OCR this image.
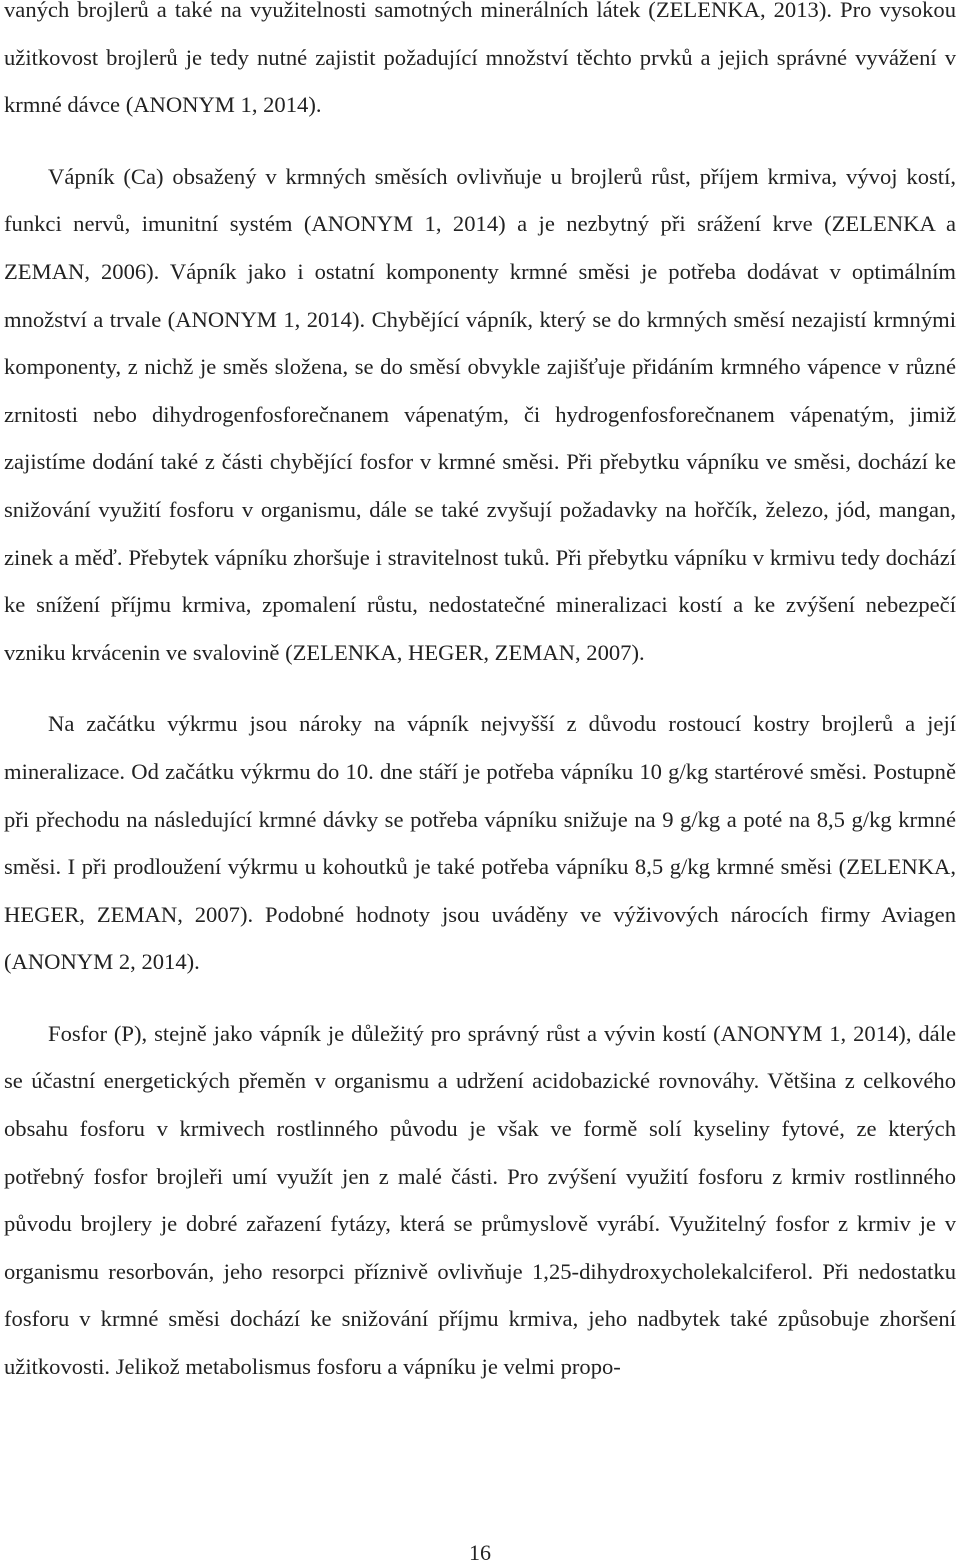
vaných brojlerů a také na využitelnosti samotných minerálních látek (ZELENKA, 2013). Pro vysokou užitkovost brojlerů je tedy nutné zajistit požadující množství těchto prvků a jejich správné vyvážení v krmné dávce (ANONYM 1, 2014).

Vápník (Ca) obsažený v krmných směsích ovlivňuje u brojlerů růst, příjem krmiva, vývoj kostí, funkci nervů, imunitní systém (ANONYM 1, 2014) a je nezbytný při srážení krve (ZELENKA a ZEMAN, 2006). Vápník jako i ostatní komponenty krmné směsi je potřeba dodávat v optimálním množství a trvale (ANONYM 1, 2014). Chybějící vápník, který se do krmných směsí nezajistí krmnými komponenty, z nichž je směs složena, se do směsí obvykle zajišťuje přidáním krmného vápence v různé zrnitosti nebo dihydrogenfosforečnanem vápenatým, či hydrogenfosforečnanem vápenatým, jimiž zajistíme dodání také z části chybějící fosfor v krmné směsi. Při přebytku vápníku ve směsi, dochází ke snižování využití fosforu v organismu, dále se také zvyšují požadavky na hořčík, železo, jód, mangan, zinek a měď. Přebytek vápníku zhoršuje i stravitelnost tuků. Při přebytku vápníku v krmivu tedy dochází ke snížení příjmu krmiva, zpomalení růstu, nedostatečné mineralizaci kostí a ke zvýšení nebezpečí vzniku krvácenin ve svalovině (ZELENKA, HEGER, ZEMAN, 2007).

Na začátku výkrmu jsou nároky na vápník nejvyšší z důvodu rostoucí kostry brojlerů a její mineralizace. Od začátku výkrmu do 10. dne stáří je potřeba vápníku 10 g/kg startérové směsi. Postupně při přechodu na následující krmné dávky se potřeba vápníku snižuje na 9 g/kg a poté na 8,5 g/kg krmné směsi. I při prodloužení výkrmu u kohoutků je také potřeba vápníku 8,5 g/kg krmné směsi (ZELENKA, HEGER, ZEMAN, 2007). Podobné hodnoty jsou uváděny ve výživových nárocích firmy Aviagen (ANONYM 2, 2014).

Fosfor (P), stejně jako vápník je důležitý pro správný růst a vývin kostí (ANONYM 1, 2014), dále se účastní energetických přeměn v organismu a udržení acidobazické rovnováhy. Většina z celkového obsahu fosforu v krmivech rostlinného původu je však ve formě solí kyseliny fytové, ze kterých potřebný fosfor brojleři umí využít jen z malé části. Pro zvýšení využití fosforu z krmiv rostlinného původu brojlery je dobré zařazení fytázy, která se průmyslově vyrábí. Využitelný fosfor z krmiv je v organismu resorbován, jeho resorpci příznivě ovlivňuje 1,25-dihydroxycholekalciferol. Při nedostatku fosforu v krmné směsi dochází ke snižování příjmu krmiva, jeho nadbytek také způsobuje zhoršení užitkovosti. Jelikož metabolismus fosforu a vápníku je velmi propo-

16
